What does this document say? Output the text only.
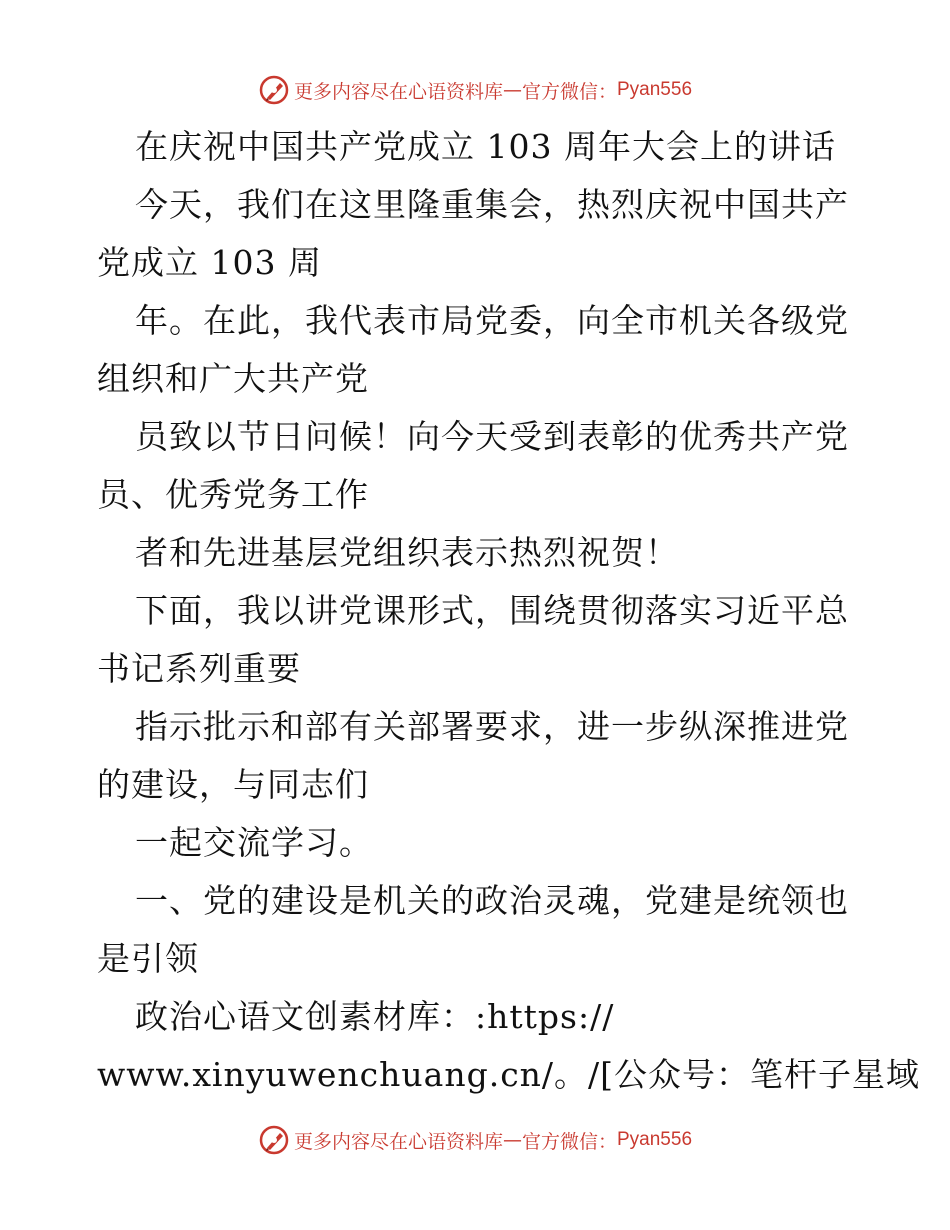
更多内容尽在心语资料库 — 官方微信： Pyan556
在庆祝中国共产党成立 103 周年大会上的讲话
今天，我们在这里隆重集会，热烈庆祝中国共产
党成立 103 周
年。在此，我代表市局党委，向全市机关各级党
组织和广大共产党
员致以节日问候！向今天受到表彰的优秀共产党
员、优秀党务工作
者和先进基层党组织表示热烈祝贺！
下面，我以讲党课形式，围绕贯彻落实习近平总
书记系列重要
指示批示和部有关部署要求，进一步纵深推进党
的建设，与同志们
一起交流学习。
一、党的建设是机关的政治灵魂，党建是统领也
是引领
政治心语文创素材库：:https://
www.xinyuwenchuang.cn/。/[公众号：笔杆子星域
更多内容尽在心语资料库 — 官方微信： Pyan556
